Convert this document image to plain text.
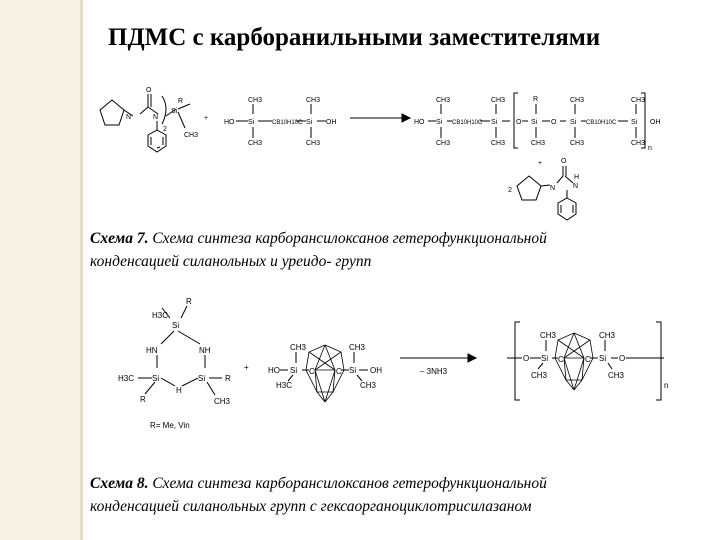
ПДМС с карборанильными заместителями
N
O
N
2
Si
R
CH3
+
HO Si
CH3
CH3
CB10H10C Si
CH3
CH3
OH	HO Si
CH3
CH3
CB10H10C Si
CH3
CH3
O Si
R
CH3
O Si
CH3
CH3
CB10H10C Si
CH3
CH3
OH
n
+
2	N
O
N
H
Схема 7. Схема синтеза карборансилоксанов гетерофункциональной
конденсацией силанольных и уреидо- групп
H3C
Si
R
HN	NH
H3C Si	Si R
H
R	CH3
R= Me, Vin
+ HO Si
CH3
H3C
C	C Si
CH3
CH3
OH	– 3NH3
O Si
CH3
CH3
C	C Si
CH3
CH3
O
n
Схема 8. Схема синтеза карборансилоксанов гетерофункциональной
конденсацией силанольных групп с гексаорганоциклотрисилазаном
